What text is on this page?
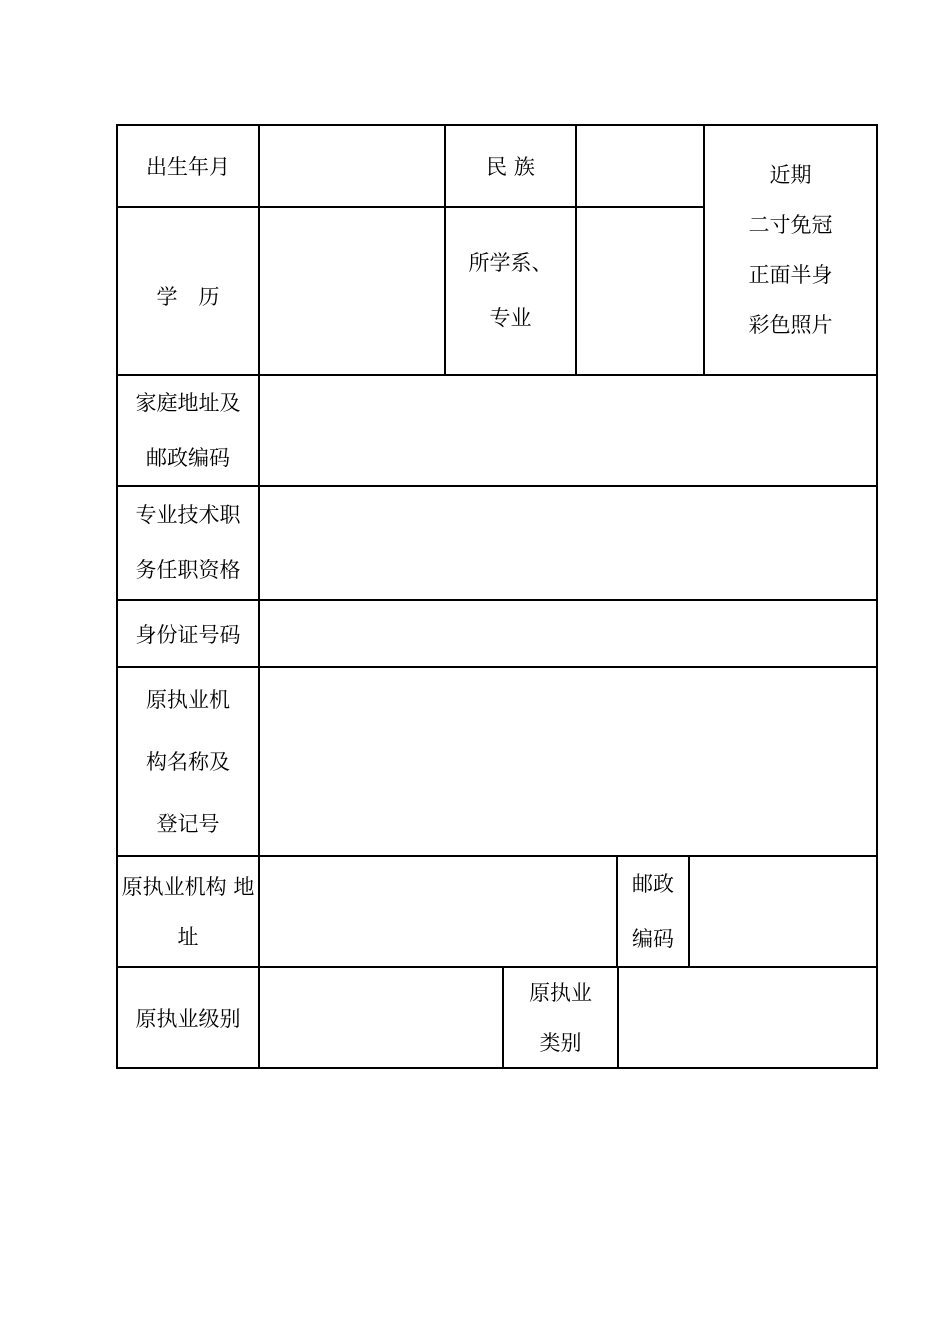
出生年月	民 族	近期
二寸免冠
正面半身
彩色照片
学　历
所学系、
专业
家庭地址及
邮政编码
专业技术职
务任职资格
身份证号码
原执业机
构名称及
登记号
原执业机构 地
址
邮政
编码
原执业级别
原执业
类别
